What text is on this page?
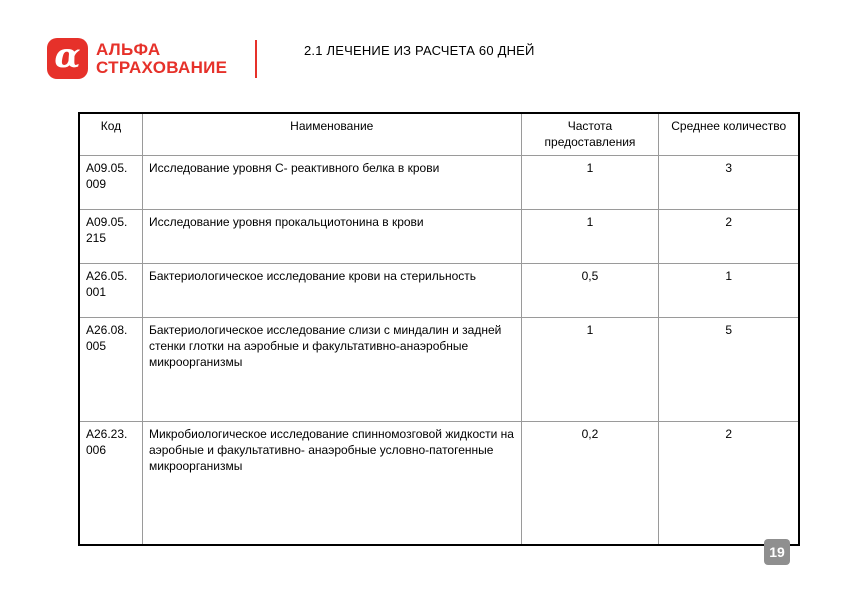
α АЛЬФА
СТРАХОВАНИЕ
2.1 ЛЕЧЕНИЕ ИЗ РАСЧЕТА 60 ДНЕЙ
Код	Наименование	Частота предоставления	Среднее количество
A09.05. 009	Исследование уровня С- реактивного белка в крови	1	3
A09.05. 215	Исследование уровня прокальциотонина в крови	1	2
A26.05. 001	Бактериологическое исследование крови на стерильность	0,5	1
A26.08. 005	Бактериологическое исследование слизи с миндалин и задней стенки глотки на аэробные и факультативно-анаэробные микроорганизмы	1	5
A26.23. 006	Микробиологическое исследование спинномозговой жидкости на аэробные и факультативно- анаэробные условно-патогенные микроорганизмы	0,2	2
19
